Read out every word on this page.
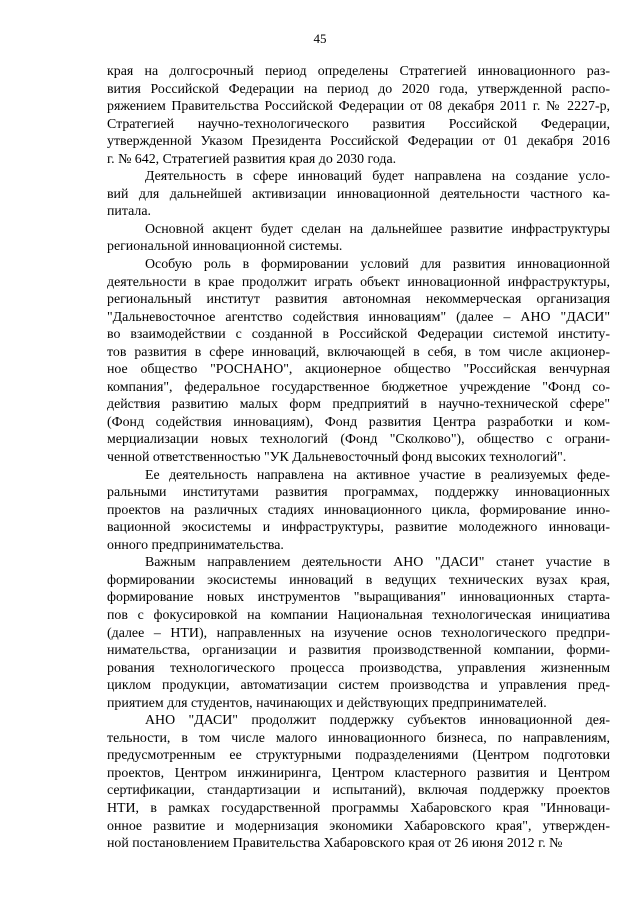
45
края на долгосрочный период определены Стратегией инновационного раз-
вития Российской Федерации на период до 2020 года, утвержденной распо-
ряжением Правительства Российской Федерации от 08 декабря 2011 г. № 2227-р,
Стратегией научно-технологического развития Российской Федерации,
утвержденной Указом Президента Российской Федерации от 01 декабря 2016
г. № 642, Стратегией развития края до 2030 года.
Деятельность в сфере инноваций будет направлена на создание усло-
вий для дальнейшей активизации инновационной деятельности частного ка-
питала.
Основной акцент будет сделан на дальнейшее развитие инфраструктуры
региональной инновационной системы.
Особую роль в формировании условий для развития инновационной
деятельности в крае продолжит играть объект инновационной инфраструктуры,
региональный институт развития автономная некоммерческая организация
"Дальневосточное агентство содействия инновациям" (далее – АНО "ДАСИ"
во взаимодействии с созданной в Российской Федерации системой институ-
тов развития в сфере инноваций, включающей в себя, в том числе акционер-
ное общество "РОСНАНО", акционерное общество "Российская венчурная
компания", федеральное государственное бюджетное учреждение "Фонд со-
действия развитию малых форм предприятий в научно-технической сфере"
(Фонд содействия инновациям), Фонд развития Центра разработки и ком-
мерциализации новых технологий (Фонд "Сколково"), общество с ограни-
ченной ответственностью "УК Дальневосточный фонд высоких технологий".
Ее деятельность направлена на активное участие в реализуемых феде-
ральными институтами развития программах, поддержку инновационных
проектов на различных стадиях инновационного цикла, формирование инно-
вационной экосистемы и инфраструктуры, развитие молодежного инноваци-
онного предпринимательства.
Важным направлением деятельности АНО "ДАСИ" станет участие в
формировании экосистемы инноваций в ведущих технических вузах края,
формирование новых инструментов "выращивания" инновационных стартa-
пов с фокусировкой на компании Национальная технологическая инициатива
(далее – НТИ), направленных на изучение основ технологического предпри-
нимательства, организации и развития производственной компании, форми-
рования технологического процесса производства, управления жизненным
циклом продукции, автоматизации систем производства и управления пред-
приятием для студентов, начинающих и действующих предпринимателей.
АНО "ДАСИ" продолжит поддержку субъектов инновационной дея-
тельности, в том числе малого инновационного бизнеса, по направлениям,
предусмотренным ее структурными подразделениями (Центром подготовки
проектов, Центром инжиниринга, Центром кластерного развития и Центром
сертификации, стандартизации и испытаний), включая поддержку проектов
НТИ, в рамках государственной программы Хабаровского края "Инноваци-
онное развитие и модернизация экономики Хабаровского края", утвержден-
ной постановлением Правительства Хабаровского края от 26 июня 2012 г. №
